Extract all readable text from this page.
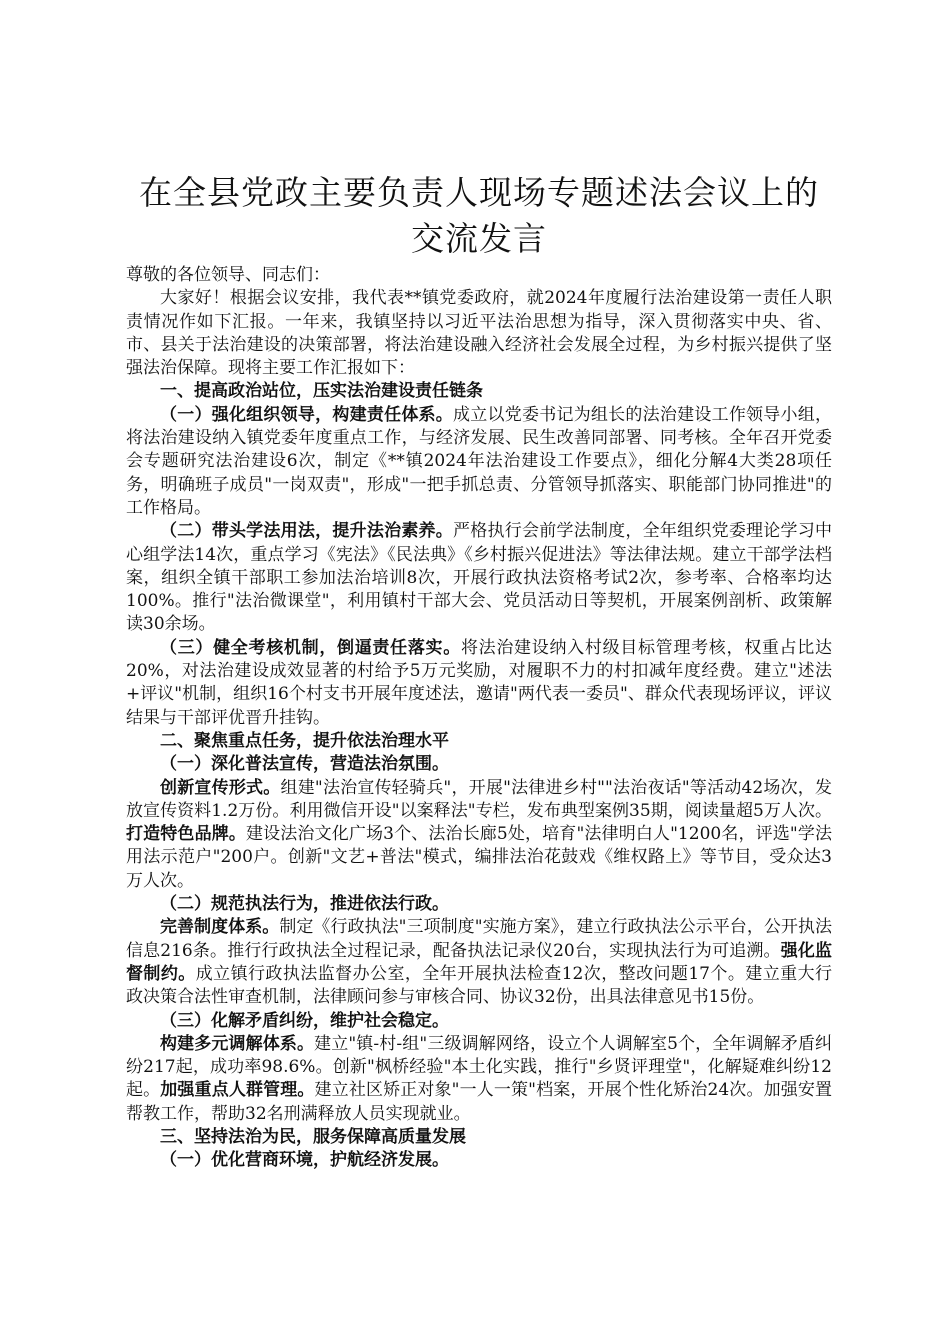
在全县党政主要负责人现场专题述法会议上的交流发言

尊敬的各位领导、同志们：

大家好！根据会议安排，我代表**镇党委政府，就2024年度履行法治建设第一责任人职责情况作如下汇报。一年来，我镇坚持以习近平法治思想为指导，深入贯彻落实中央、省、市、县关于法治建设的决策部署，将法治建设融入经济社会发展全过程，为乡村振兴提供了坚强法治保障。现将主要工作汇报如下：

一、提高政治站位，压实法治建设责任链条

（一）强化组织领导，构建责任体系。成立以党委书记为组长的法治建设工作领导小组，将法治建设纳入镇党委年度重点工作，与经济发展、民生改善同部署、同考核。全年召开党委会专题研究法治建设6次，制定《**镇2024年法治建设工作要点》，细化分解4大类28项任务，明确班子成员"一岗双责"，形成"一把手抓总责、分管领导抓落实、职能部门协同推进"的工作格局。

（二）带头学法用法，提升法治素养。严格执行会前学法制度，全年组织党委理论学习中心组学法14次，重点学习《宪法》《民法典》《乡村振兴促进法》等法律法规。建立干部学法档案，组织全镇干部职工参加法治培训8次，开展行政执法资格考试2次，参考率、合格率均达100%。推行"法治微课堂"，利用镇村干部大会、党员活动日等契机，开展案例剖析、政策解读30余场。

（三）健全考核机制，倒逼责任落实。将法治建设纳入村级目标管理考核，权重占比达20%，对法治建设成效显著的村给予5万元奖励，对履职不力的村扣减年度经费。建立"述法+评议"机制，组织16个村支书开展年度述法，邀请"两代表一委员"、群众代表现场评议，评议结果与干部评优晋升挂钩。

二、聚焦重点任务，提升依法治理水平

（一）深化普法宣传，营造法治氛围。

创新宣传形式。组建"法治宣传轻骑兵"，开展"法律进乡村""法治夜话"等活动42场次，发放宣传资料1.2万份。利用微信开设"以案释法"专栏，发布典型案例35期，阅读量超5万人次。打造特色品牌。建设法治文化广场3个、法治长廊5处，培育"法律明白人"1200名，评选"学法用法示范户"200户。创新"文艺+普法"模式，编排法治花鼓戏《维权路上》等节目，受众达3万人次。

（二）规范执法行为，推进依法行政。

完善制度体系。制定《行政执法"三项制度"实施方案》，建立行政执法公示平台，公开执法信息216条。推行行政执法全过程记录，配备执法记录仪20台，实现执法行为可追溯。强化监督制约。成立镇行政执法监督办公室，全年开展执法检查12次，整改问题17个。建立重大行政决策合法性审查机制，法律顾问参与审核合同、协议32份，出具法律意见书15份。

（三）化解矛盾纠纷，维护社会稳定。

构建多元调解体系。建立"镇-村-组"三级调解网络，设立个人调解室5个，全年调解矛盾纠纷217起，成功率98.6%。创新"枫桥经验"本土化实践，推行"乡贤评理堂"，化解疑难纠纷12起。加强重点人群管理。建立社区矫正对象"一人一策"档案，开展个性化矫治24次。加强安置帮教工作，帮助32名刑满释放人员实现就业。

三、坚持法治为民，服务保障高质量发展

（一）优化营商环境，护航经济发展。
